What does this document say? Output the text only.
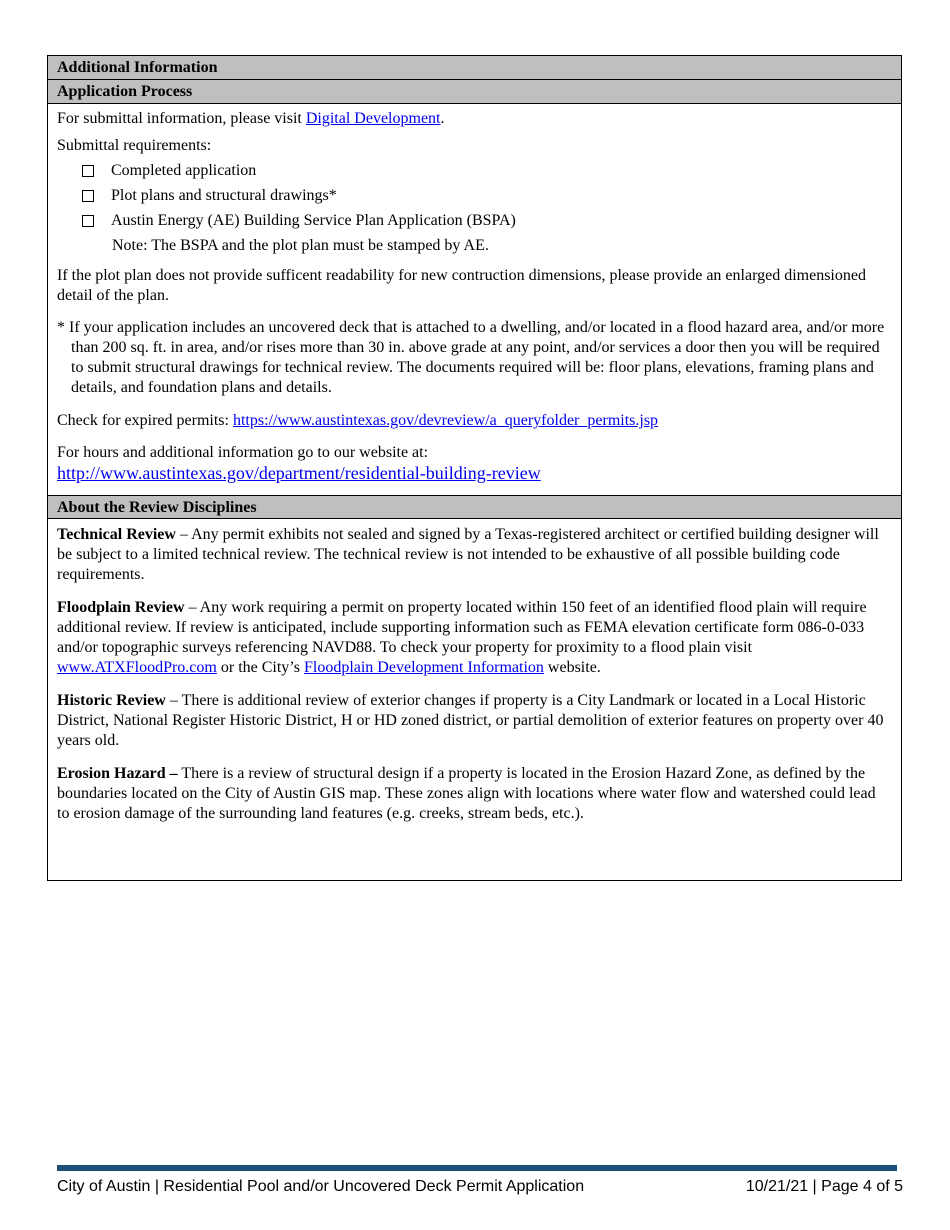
Additional Information
Application Process

For submittal information, please visit Digital Development.

Submittal requirements:

Completed application
Plot plans and structural drawings*
Austin Energy (AE) Building Service Plan Application (BSPA)
Note: The BSPA and the plot plan must be stamped by AE.

If the plot plan does not provide sufficent readability for new contruction dimensions, please provide an enlarged dimensioned detail of the plan.

* If your application includes an uncovered deck that is attached to a dwelling, and/or located in a flood hazard area, and/or more than 200 sq. ft. in area, and/or rises more than 30 in. above grade at any point, and/or services a door then you will be required to submit structural drawings for technical review. The documents required will be: floor plans, elevations, framing plans and details, and foundation plans and details.

Check for expired permits: https://www.austintexas.gov/devreview/a_queryfolder_permits.jsp

For hours and additional information go to our website at:

http://www.austintexas.gov/department/residential-building-review

About the Review Disciplines

Technical Review – Any permit exhibits not sealed and signed by a Texas-registered architect or certified building designer will be subject to a limited technical review. The technical review is not intended to be exhaustive of all possible building code requirements.

Floodplain Review – Any work requiring a permit on property located within 150 feet of an identified flood plain will require additional review. If review is anticipated, include supporting information such as FEMA elevation certificate form 086-0-033 and/or topographic surveys referencing NAVD88. To check your property for proximity to a flood plain visit www.ATXFloodPro.com or the City’s Floodplain Development Information website.

Historic Review – There is additional review of exterior changes if property is a City Landmark or located in a Local Historic District, National Register Historic District, H or HD zoned district, or partial demolition of exterior features on property over 40 years old.

Erosion Hazard – There is a review of structural design if a property is located in the Erosion Hazard Zone, as defined by the boundaries located on the City of Austin GIS map. These zones align with locations where water flow and watershed could lead to erosion damage of the surrounding land features (e.g. creeks, stream beds, etc.).

City of Austin | Residential Pool and/or Uncovered Deck Permit Application	10/21/21 | Page 4 of 5
